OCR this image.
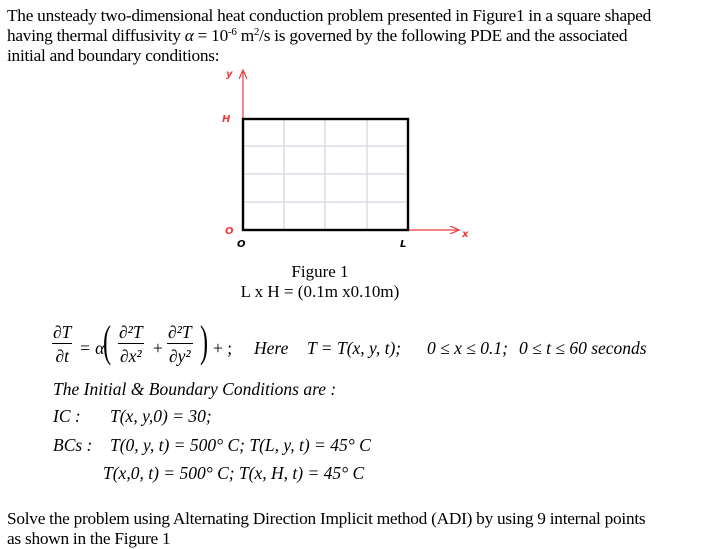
The unsteady two-dimensional heat conduction problem presented in Figure1 in a square shaped
having thermal diffusivity $\alpha = 10^{-6}$ $m^2/s$ is governed by the following PDE and the associated
initial and boundary conditions:
y
x
H
O
O	L
Figure 1
L x H = (0.1m x0.10m)
$\frac{\partial T}{\partial t} = \alpha$
( $\frac{\text{∂²T}}{\text{∂x²}} + \frac{\text{∂²T}}{\text{∂y²}}$ ) + ; Here T = T(x, y, t); 0 ≤ x ≤ 0.1; 0 ≤ t ≤ 60 seconds
The Initial & Boundary Conditions are :
IC : T(x, y,0) = 30;
BCs : T(0, y, t) = 500° C; T(L, y, t) = 45° C
T(x,0, t) = 500° C; T(x, H, t) = 45° C
Solve the problem using Alternating Direction Implicit method (ADI) by using 9 internal points
as shown in the Figure 1
